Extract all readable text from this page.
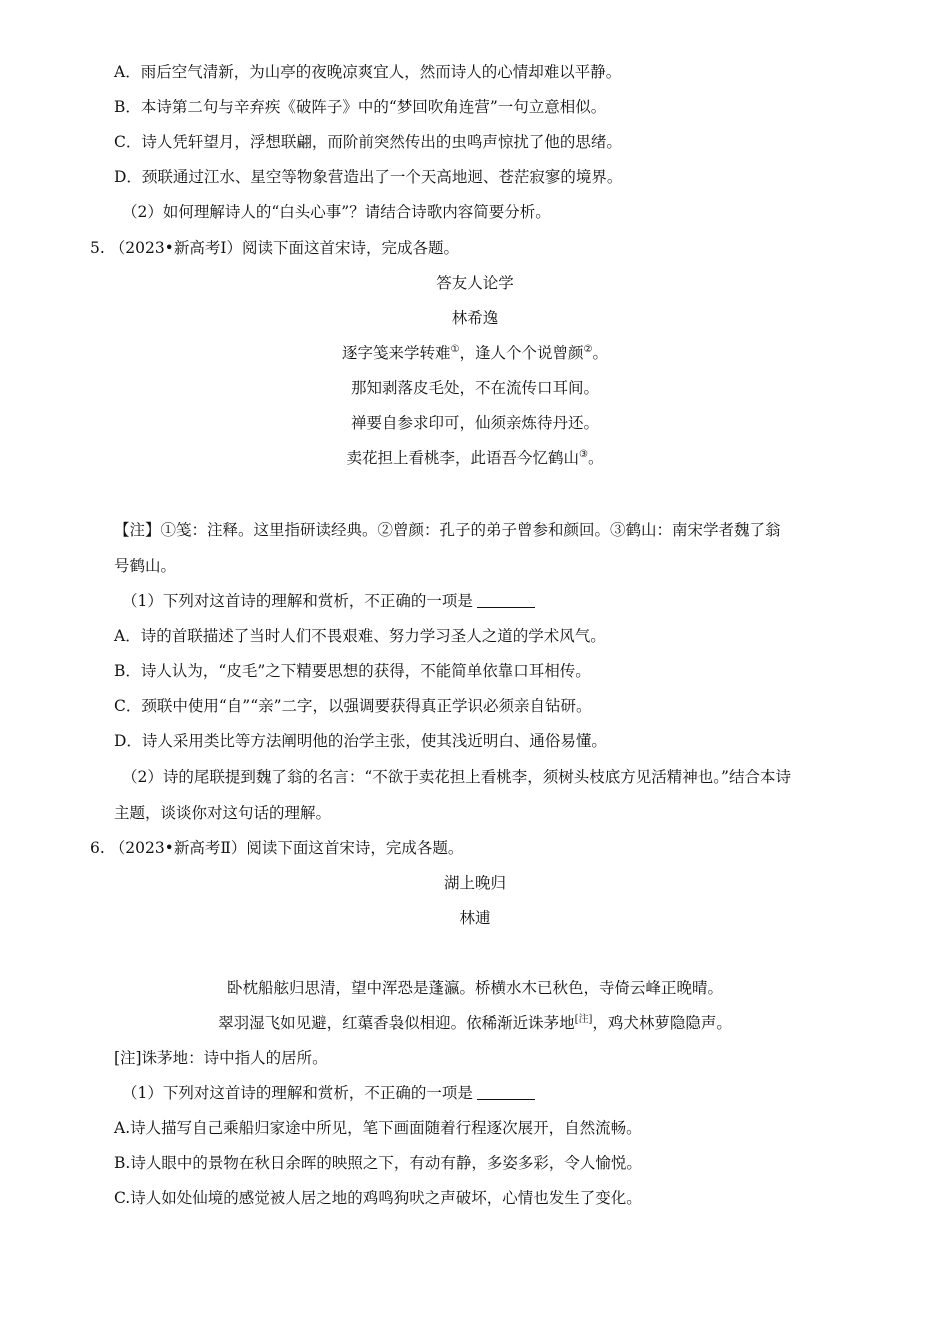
A．雨后空气清新，为山亭的夜晚凉爽宜人，然而诗人的心情却难以平静。
B．本诗第二句与辛弃疾《破阵子》中的“梦回吹角连营”一句立意相似。
C．诗人凭轩望月，浮想联翩，而阶前突然传出的虫鸣声惊扰了他的思绪。
D．颈联通过江水、星空等物象营造出了一个天高地迥、苍茫寂寥的境界。
（2）如何理解诗人的“白头心事”？请结合诗歌内容简要分析。
5. （2023•新高考Ⅰ）阅读下面这首宋诗，完成各题。
答友人论学
林希逸
逐字笺来学转难①，逢人个个说曾颜②。
那知剥落皮毛处，不在流传口耳间。
禅要自参求印可，仙须亲炼待丹还。
卖花担上看桃李，此语吾今忆鹤山③。
【注】①笺：注释。这里指研读经典。②曾颜：孔子的弟子曾参和颜回。③鹤山：南宋学者魏了翁
号鹤山。
（1）下列对这首诗的理解和赏析，不正确的一项是
A．诗的首联描述了当时人们不畏艰难、努力学习圣人之道的学术风气。
B．诗人认为，“皮毛”之下精要思想的获得，不能简单依靠口耳相传。
C．颈联中使用“自”“亲”二字，以强调要获得真正学识必须亲自钻研。
D．诗人采用类比等方法阐明他的治学主张，使其浅近明白、通俗易懂。
（2）诗的尾联提到魏了翁的名言：“不欲于卖花担上看桃李，须树头枝底方见活精神也。”结合本诗
主题，谈谈你对这句话的理解。
6. （2023•新高考Ⅱ）阅读下面这首宋诗，完成各题。
湖上晚归
林逋
卧枕船舷归思清，望中浑恐是蓬瀛。桥横水木已秋色，寺倚云峰正晚晴。
翠羽湿飞如见避，红蕖香袅似相迎。依稀渐近诛茅地[注]，鸡犬林萝隐隐声。
[注]诛茅地：诗中指人的居所。
（1）下列对这首诗的理解和赏析，不正确的一项是
A.诗人描写自己乘船归家途中所见，笔下画面随着行程逐次展开，自然流畅。
B.诗人眼中的景物在秋日余晖的映照之下，有动有静，多姿多彩，令人愉悦。
C.诗人如处仙境的感觉被人居之地的鸡鸣狗吠之声破坏，心情也发生了变化。
